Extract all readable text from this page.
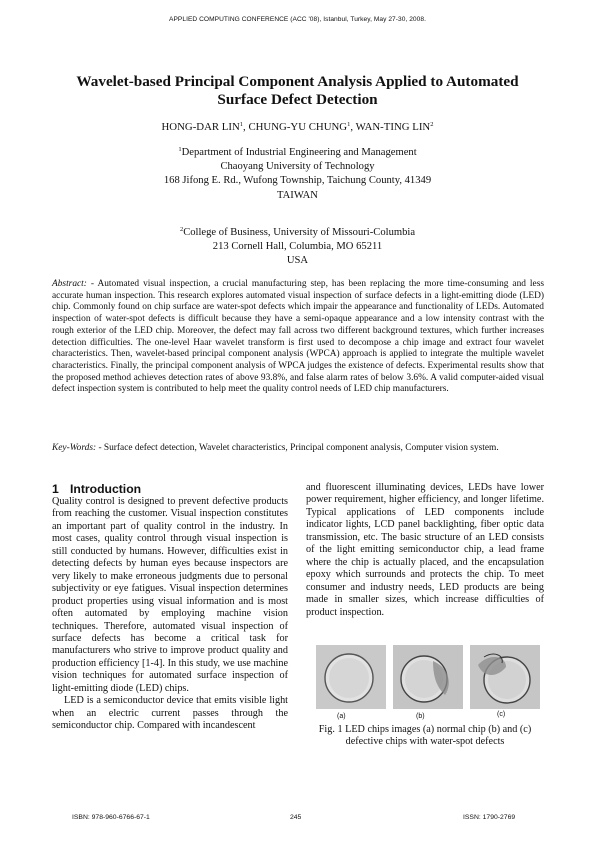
APPLIED COMPUTING CONFERENCE (ACC '08), Istanbul, Turkey, May 27-30, 2008.
Wavelet-based Principal Component Analysis Applied to Automated
Surface Defect Detection
HONG-DAR LIN$^1$, CHUNG-YU CHUNG$^1$, WAN-TING LIN$^2$
$^1$Department of Industrial Engineering and Management
Chaoyang University of Technology
168 Jifong E. Rd., Wufong Township, Taichung County, 41349
TAIWAN
$^2$College of Business, University of Missouri-Columbia
213 Cornell Hall, Columbia, MO 65211
USA
Abstract: - Automated visual inspection, a crucial manufacturing step, has been replacing the more time-consuming and less accurate human inspection. This research explores automated visual inspection of surface defects in a light-emitting diode (LED) chip. Commonly found on chip surface are water-spot defects which impair the appearance and functionality of LEDs. Automated inspection of water-spot defects is difficult because they have a semi-opaque appearance and a low intensity contrast with the rough exterior of the LED chip. Moreover, the defect may fall across two different background textures, which further increases detection difficulties. The one-level Haar wavelet transform is first used to decompose a chip image and extract four wavelet characteristics. Then, wavelet-based principal component analysis (WPCA) approach is applied to integrate the multiple wavelet characteristics. Finally, the principal component analysis of WPCA judges the existence of defects. Experimental results show that the proposed method achieves detection rates of above 93.8%, and false alarm rates of below 3.6%. A valid computer-aided visual defect inspection system is contributed to help meet the quality control needs of LED chip manufacturers.
Key-Words: - Surface defect detection, Wavelet characteristics, Principal component analysis, Computer vision system.
1 Introduction

Quality control is designed to prevent defective products from reaching the customer. Visual inspection constitutes an important part of quality control in the industry. In most cases, quality control through visual inspection is still conducted by humans. However, difficulties exist in detecting defects by human eyes because inspectors are very likely to make erroneous judgments due to personal subjectivity or eye fatigues. Visual inspection determines product properties using visual information and is most often automated by employing machine vision techniques. Therefore, automated visual inspection of surface defects has become a critical task for manufacturers who strive to improve product quality and production efficiency [1-4]. In this study, we use machine vision techniques for automated surface inspection of light-emitting diode (LED) chips.

LED is a semiconductor device that emits visible light when an electric current passes through the semiconductor chip. Compared with incandescent

and fluorescent illuminating devices, LEDs have lower power requirement, higher efficiency, and longer lifetime. Typical applications of LED components include indicator lights, LCD panel backlighting, fiber optic data transmission, etc. The basic structure of an LED consists of the light emitting semiconductor chip, a lead frame where the chip is actually placed, and the encapsulation epoxy which surrounds and protects the chip. To meet consumer and industry needs, LED products are being made in smaller sizes, which increase difficulties of product inspection.

(a)	(b)	(c)
Fig. 1 LED chips images (a) normal chip (b) and (c) defective chips with water-spot defects
ISBN: 978-960-6766-67-1	245	ISSN: 1790-2769
